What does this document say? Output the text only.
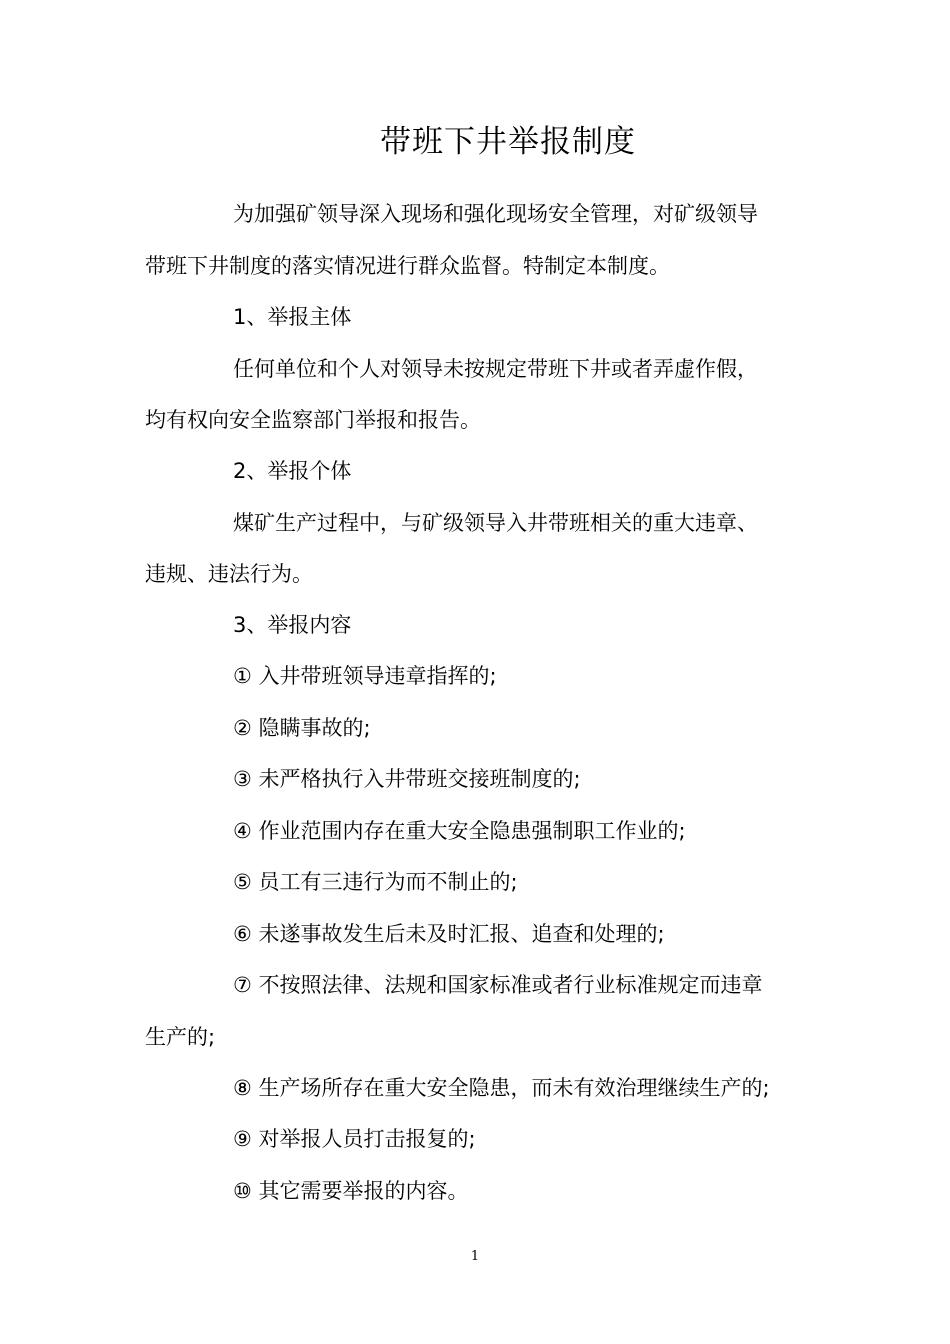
带班下井举报制度
为加强矿领导深入现场和强化现场安全管理，对矿级领导
带班下井制度的落实情况进行群众监督。特制定本制度。
1、举报主体
任何单位和个人对领导未按规定带班下井或者弄虚作假，
均有权向安全监察部门举报和报告。
2、举报个体
煤矿生产过程中，与矿级领导入井带班相关的重大违章、
违规、违法行为。
3、举报内容
① 入井带班领导违章指挥的;
② 隐瞒事故的;
③ 未严格执行入井带班交接班制度的;
④ 作业范围内存在重大安全隐患强制职工作业的;
⑤ 员工有三违行为而不制止的;
⑥ 未遂事故发生后未及时汇报、追查和处理的;
⑦ 不按照法律、法规和国家标准或者行业标准规定而违章
生产的;
⑧ 生产场所存在重大安全隐患，而未有效治理继续生产的;
⑨ 对举报人员打击报复的;
⑩ 其它需要举报的内容。
1
